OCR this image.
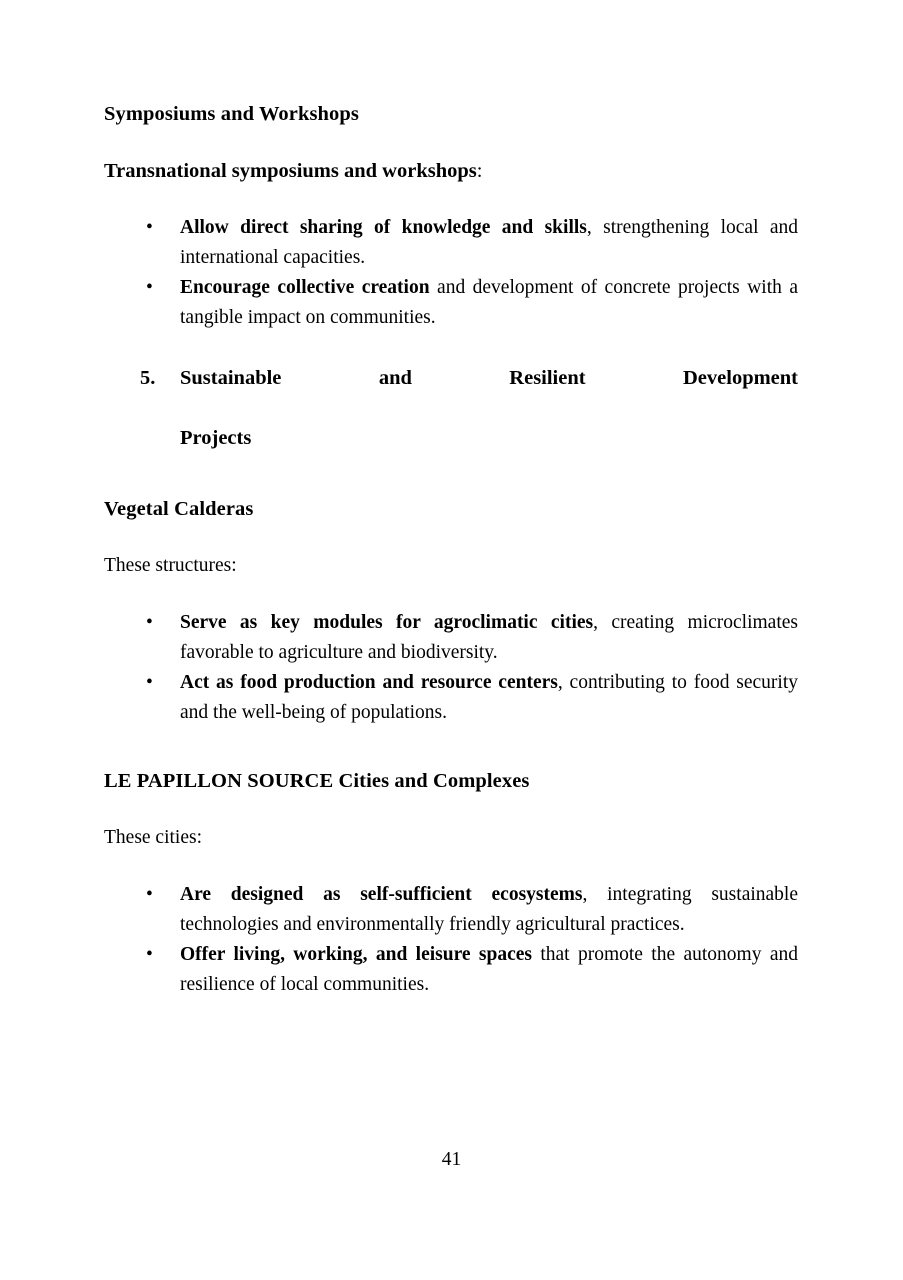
Symposiums and Workshops

Transnational symposiums and workshops:

• Allow direct sharing of knowledge and skills, strengthening local and international capacities.
• Encourage collective creation and development of concrete projects with a tangible impact on communities.
5. Sustainable and Resilient Development
Projects
Vegetal Calderas

These structures:

• Serve as key modules for agroclimatic cities, creating microclimates favorable to agriculture and biodiversity.
• Act as food production and resource centers, contributing to food security and the well-being of populations.
LE PAPILLON SOURCE Cities and Complexes

These cities:

• Are designed as self-sufficient ecosystems, integrating sustainable technologies and environmentally friendly agricultural practices.
• Offer living, working, and leisure spaces that promote the autonomy and resilience of local communities.
41
